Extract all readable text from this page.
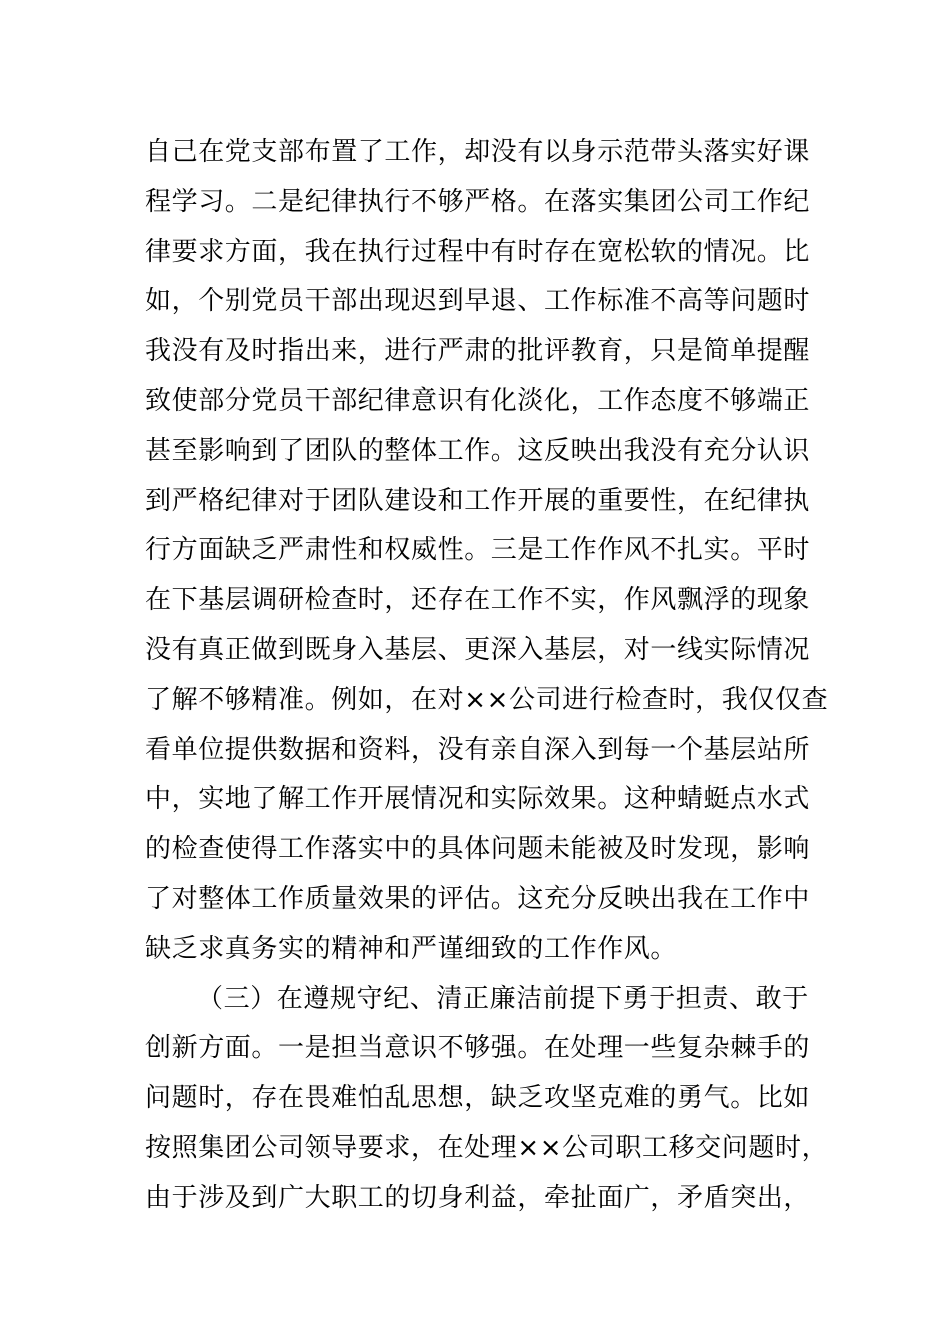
自己在党支部布置了工作，却没有以身示范带头落实好课
程学习。二是纪律执行不够严格。在落实集团公司工作纪
律要求方面，我在执行过程中有时存在宽松软的情况。比
如，个别党员干部出现迟到早退、工作标准不高等问题时
我没有及时指出来，进行严肃的批评教育，只是简单提醒
致使部分党员干部纪律意识有化淡化，工作态度不够端正
甚至影响到了团队的整体工作。这反映出我没有充分认识
到严格纪律对于团队建设和工作开展的重要性，在纪律执
行方面缺乏严肃性和权威性。三是工作作风不扎实。平时
在下基层调研检查时，还存在工作不实，作风飘浮的现象
没有真正做到既身入基层、更深入基层，对一线实际情况
了解不够精准。例如，在对××公司进行检查时，我仅仅查
看单位提供数据和资料，没有亲自深入到每一个基层站所
中，实地了解工作开展情况和实际效果。这种蜻蜓点水式
的检查使得工作落实中的具体问题未能被及时发现，影响
了对整体工作质量效果的评估。这充分反映出我在工作中
缺乏求真务实的精神和严谨细致的工作作风。
（三）在遵规守纪、清正廉洁前提下勇于担责、敢于
创新方面。一是担当意识不够强。在处理一些复杂棘手的
问题时，存在畏难怕乱思想，缺乏攻坚克难的勇气。比如
按照集团公司领导要求，在处理××公司职工移交问题时，
由于涉及到广大职工的切身利益，牵扯面广，矛盾突出，
